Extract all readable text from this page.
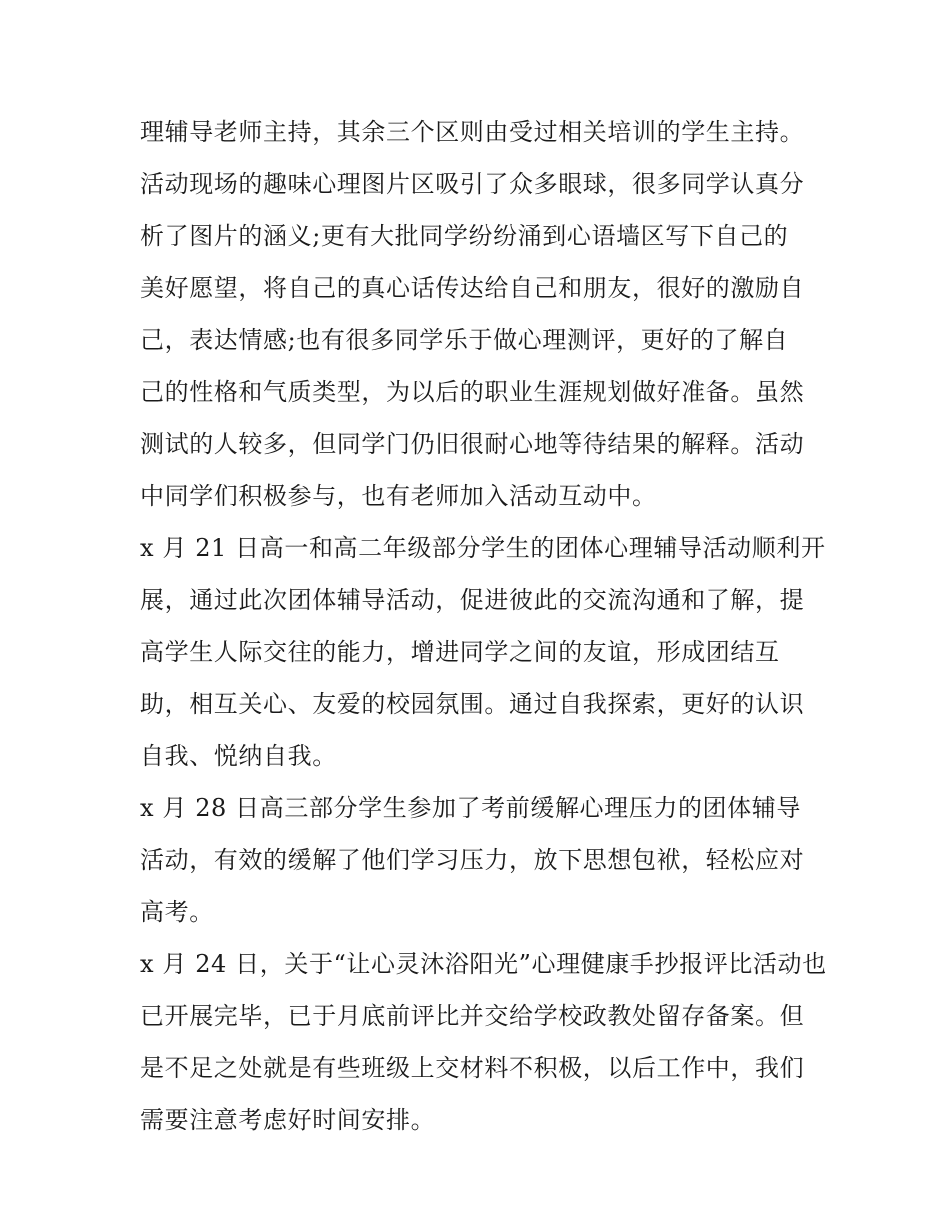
理辅导老师主持，其余三个区则由受过相关培训的学生主持。
活动现场的趣味心理图片区吸引了众多眼球，很多同学认真分
析了图片的涵义;更有大批同学纷纷涌到心语墙区写下自己的
美好愿望，将自己的真心话传达给自己和朋友，很好的激励自
己，表达情感;也有很多同学乐于做心理测评，更好的了解自
己的性格和气质类型，为以后的职业生涯规划做好准备。虽然
测试的人较多，但同学门仍旧很耐心地等待结果的解释。活动
中同学们积极参与，也有老师加入活动互动中。
x 月 21 日高一和高二年级部分学生的团体心理辅导活动顺利开
展，通过此次团体辅导活动，促进彼此的交流沟通和了解，提
高学生人际交往的能力，增进同学之间的友谊，形成团结互
助，相互关心、友爱的校园氛围。通过自我探索，更好的认识
自我、悦纳自我。
x 月 28 日高三部分学生参加了考前缓解心理压力的团体辅导
活动，有效的缓解了他们学习压力，放下思想包袱，轻松应对
高考。
x 月 24 日，关于“让心灵沐浴阳光”心理健康手抄报评比活动也
已开展完毕，已于月底前评比并交给学校政教处留存备案。但
是不足之处就是有些班级上交材料不积极，以后工作中，我们
需要注意考虑好时间安排。
